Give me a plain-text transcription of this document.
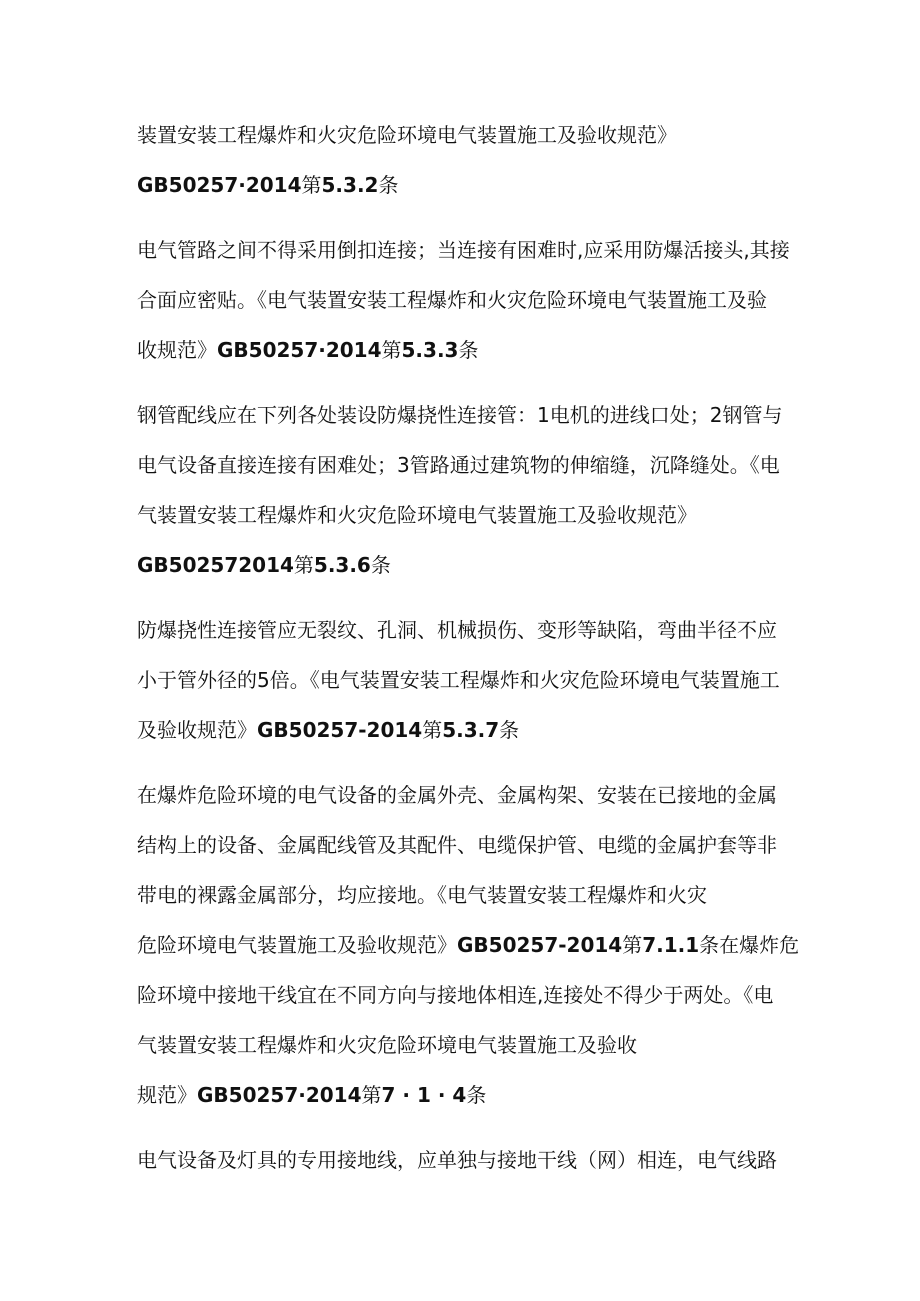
装置安装工程爆炸和火灾危险环境电气装置施工及验收规范》
GB50257·2014第5.3.2条
电气管路之间不得采用倒扣连接；当连接有困难时,应采用防爆活接头,其接
合面应密贴。《电气装置安装工程爆炸和火灾危险环境电气装置施工及验
收规范》GB50257·2014第5.3.3条
钢管配线应在下列各处装设防爆挠性连接管：1电机的进线口处；2钢管与
电气设备直接连接有困难处；3管路通过建筑物的伸缩缝，沉降缝处。《电
气装置安装工程爆炸和火灾危险环境电气装置施工及验收规范》
GB502572014第5.3.6条
防爆挠性连接管应无裂纹、孔洞、机械损伤、变形等缺陷，弯曲半径不应
小于管外径的5倍。《电气装置安装工程爆炸和火灾危险环境电气装置施工
及验收规范》GB50257-2014第5.3.7条
在爆炸危险环境的电气设备的金属外壳、金属构架、安装在已接地的金属
结构上的设备、金属配线管及其配件、电缆保护管、电缆的金属护套等非
带电的裸露金属部分，均应接地。《电气装置安装工程爆炸和火灾
危险环境电气装置施工及验收规范》GB50257-2014第7.1.1条在爆炸危
险环境中接地干线宜在不同方向与接地体相连,连接处不得少于两处。《电
气装置安装工程爆炸和火灾危险环境电气装置施工及验收
规范》GB50257·2014第7 · 1 · 4条
电气设备及灯具的专用接地线，应单独与接地干线（网）相连，电气线路
